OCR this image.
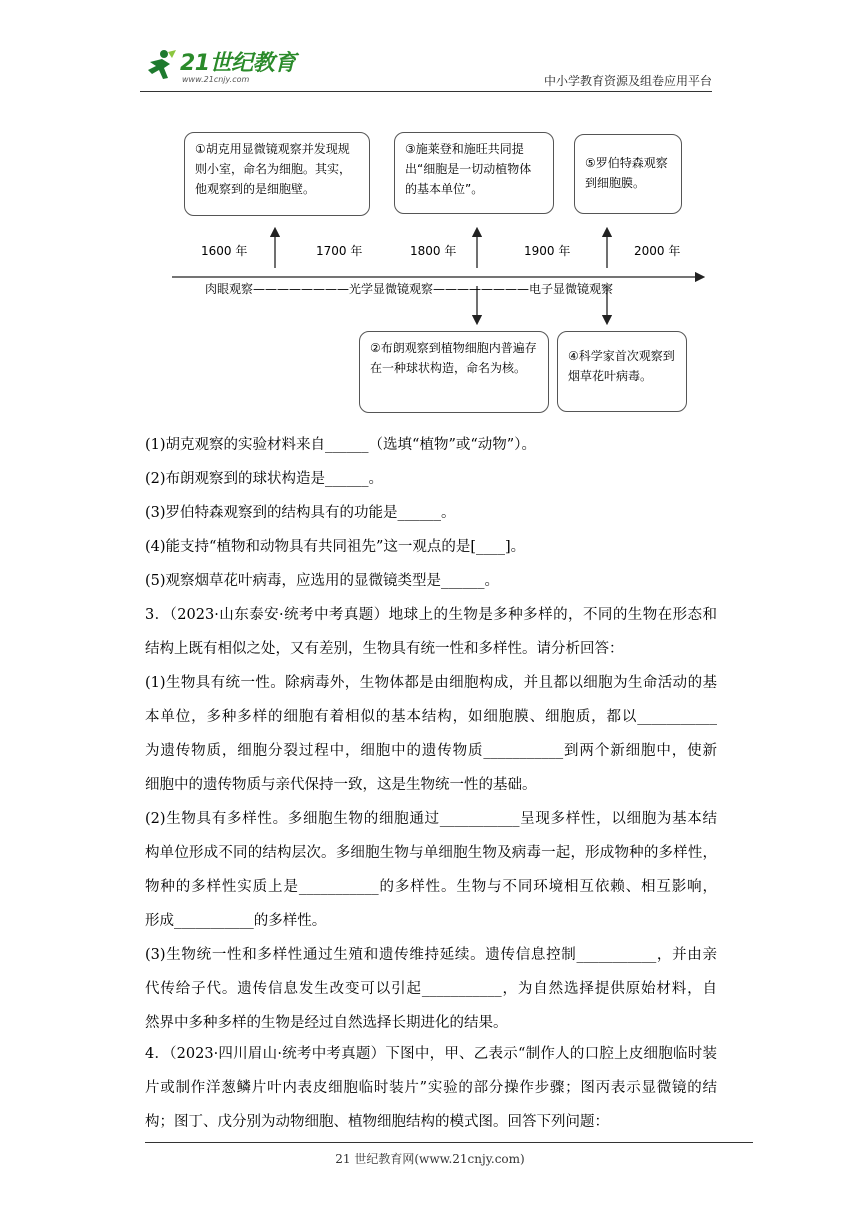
21世纪教育
www.21cnjy.com	中小学教育资源及组卷应用平台
①胡克用显微镜观察并发现规则小室，命名为细胞。其实，他观察到的是细胞壁。
③施莱登和施旺共同提出“细胞是一切动植物体的基本单位”。
⑤罗伯特森观察到细胞膜。
②布朗观察到植物细胞内普遍存在一种球状构造，命名为核。
④科学家首次观察到烟草花叶病毒。
1600 年	1700 年	1800 年	1900 年	2000 年
肉眼观察————————光学显微镜观察————————电子显微镜观察
(1)胡克观察的实验材料来自______（选填“植物”或“动物”）。
(2)布朗观察到的球状构造是______。
(3)罗伯特森观察到的结构具有的功能是______。
(4)能支持“植物和动物具有共同祖先”这一观点的是[____]。
(5)观察烟草花叶病毒，应选用的显微镜类型是______。
3．（2023·山东泰安·统考中考真题）地球上的生物是多种多样的，不同的生物在形态和
结构上既有相似之处，又有差别，生物具有统一性和多样性。请分析回答：
(1)生物具有统一性。除病毒外，生物体都是由细胞构成，并且都以细胞为生命活动的基
本单位，多种多样的细胞有着相似的基本结构，如细胞膜、细胞质，都以___________
为遗传物质，细胞分裂过程中，细胞中的遗传物质___________到两个新细胞中，使新
细胞中的遗传物质与亲代保持一致，这是生物统一性的基础。
(2)生物具有多样性。多细胞生物的细胞通过___________呈现多样性，以细胞为基本结
构单位形成不同的结构层次。多细胞生物与单细胞生物及病毒一起，形成物种的多样性，
物种的多样性实质上是___________的多样性。生物与不同环境相互依赖、相互影响，
形成___________的多样性。
(3)生物统一性和多样性通过生殖和遗传维持延续。遗传信息控制___________，并由亲
代传给子代。遗传信息发生改变可以引起___________，为自然选择提供原始材料，自
然界中多种多样的生物是经过自然选择长期进化的结果。
4．（2023·四川眉山·统考中考真题）下图中，甲、乙表示“制作人的口腔上皮细胞临时装
片或制作洋葱鳞片叶内表皮细胞临时装片”实验的部分操作步骤；图丙表示显微镜的结
构；图丁、戊分别为动物细胞、植物细胞结构的模式图。回答下列问题：
21 世纪教育网(www.21cnjy.com)
